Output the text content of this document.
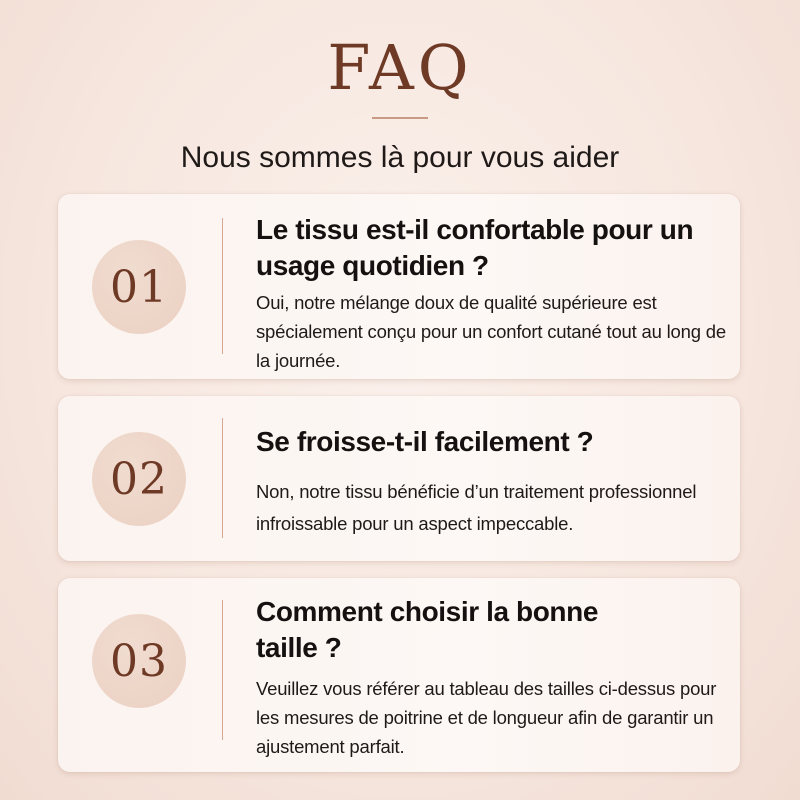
FAQ
Nous sommes là pour vous aider
01
Le tissu est-il confortable pour un usage quotidien ?
Oui, notre mélange doux de qualité supérieure est spécialement conçu pour un confort cutané tout au long de la journée.
02
Se froisse-t-il facilement ?
Non, notre tissu bénéficie d’un traitement professionnel infroissable pour un aspect impeccable.
03
Comment choisir la bonne taille ?
Veuillez vous référer au tableau des tailles ci-dessus pour les mesures de poitrine et de longueur afin de garantir un ajustement parfait.
